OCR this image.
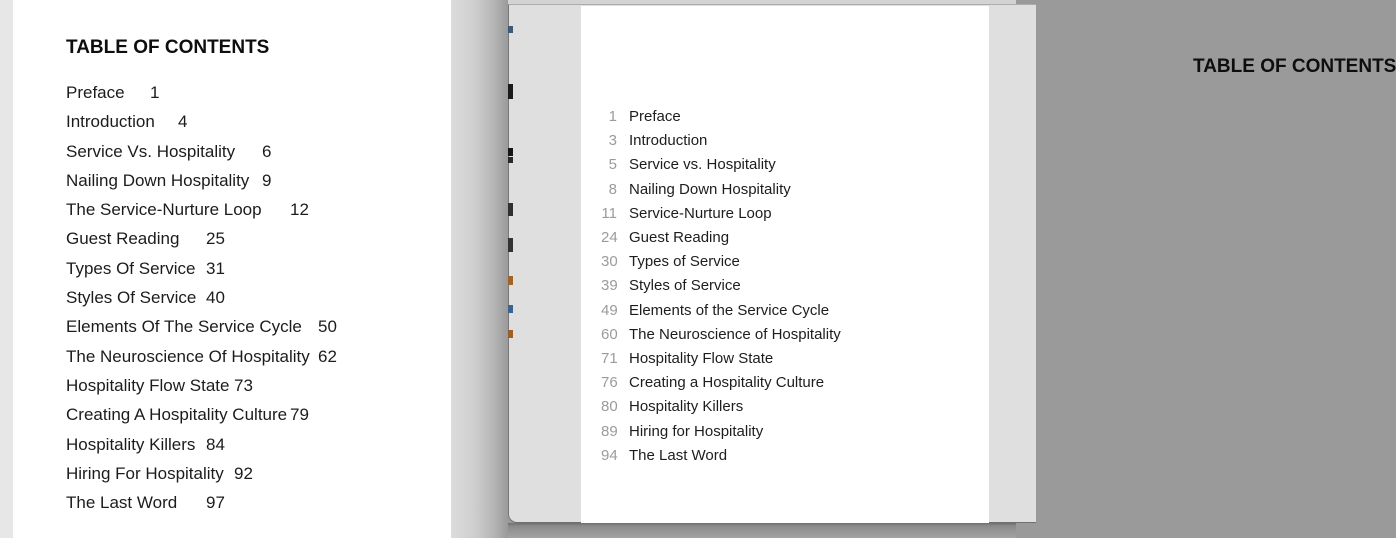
TABLE OF CONTENTS
Preface	1
Introduction	4
Service Vs. Hospitality	6
Nailing Down Hospitality	9
The Service-Nurture Loop	12
Guest Reading	25
Types Of Service	31
Styles Of Service	40
Elements Of The Service Cycle	50
The Neuroscience Of Hospitality	62
Hospitality Flow State	73
Creating A Hospitality Culture	79
Hospitality Killers	84
Hiring For Hospitality	92
The Last Word	97
TABLE OF CONTENTS
1 Preface
3 Introduction
5 Service vs. Hospitality
8 Nailing Down Hospitality
11 Service-Nurture Loop
24 Guest Reading
30 Types of Service
39 Styles of Service
49 Elements of the Service Cycle
60 The Neuroscience of Hospitality
71 Hospitality Flow State
76 Creating a Hospitality Culture
80 Hospitality Killers
89 Hiring for Hospitality
94 The Last Word
